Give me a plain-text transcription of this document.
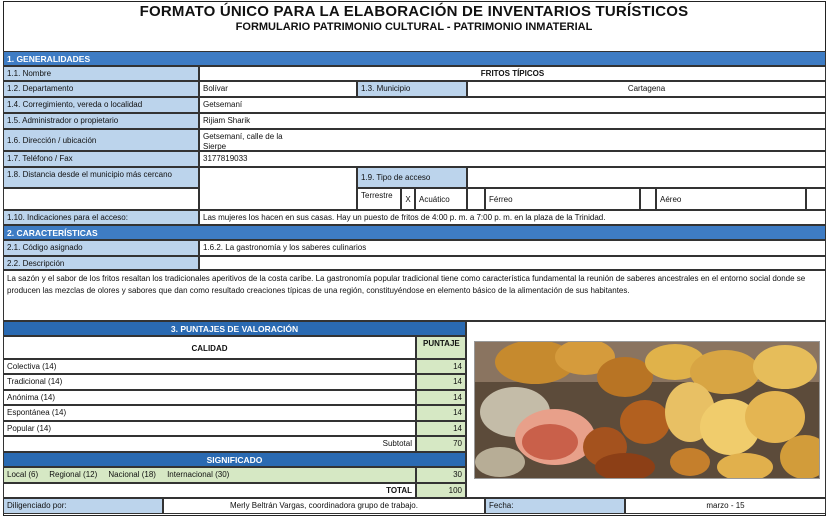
FORMATO ÚNICO PARA LA ELABORACIÓN DE INVENTARIOS TURÍSTICOS
FORMULARIO PATRIMONIO CULTURAL - PATRIMONIO INMATERIAL
1. GENERALIDADES
1.1. Nombre	FRITOS TÍPICOS
1.2. Departamento	Bolívar	1.3. Municipio	Cartagena
1.4. Corregimiento, vereda o localidad	Getsemaní
1.5. Administrador o propietario	Rijiam Sharik
1.6. Dirección / ubicación	Getsemaní, calle de la Sierpe
1.7. Teléfono / Fax	3177819033
1.8. Distancia desde el municipio más cercano	1.9. Tipo de acceso
Terrestre	X	Acuático	Férreo	Aéreo
1.10. Indicaciones para el acceso:	Las mujeres los hacen en sus casas. Hay un puesto de fritos de 4:00 p. m. a 7:00 p. m. en la plaza de la Trinidad.
2. CARACTERÍSTICAS
2.1. Código asignado	1.6.2. La gastronomía y los saberes culinarios
2.2. Descripción
La sazón y el sabor de los fritos resaltan los tradicionales aperitivos de la costa caribe. La gastronomía popular tradicional tiene como característica fundamental la reunión de saberes ancestrales en el entorno social donde se producen las mezclas de olores y sabores que dan como resultado creaciones típicas de una región, constituyéndose en elemento básico de la alimentación de sus habitantes.
3. PUNTAJES DE VALORACIÓN
CALIDAD
PUNTAJE
Colectiva (14)	14
Tradicional (14)	14
Anónima (14)	14
Espontánea (14)	14
Popular (14)	14
Subtotal	70
SIGNIFICADO
Local (6)     Regional (12)     Nacional (18)     Internacional (30)	30
TOTAL	100
Diligenciado por:	Merly Beltrán Vargas, coordinadora grupo de trabajo.	Fecha:	marzo - 15
